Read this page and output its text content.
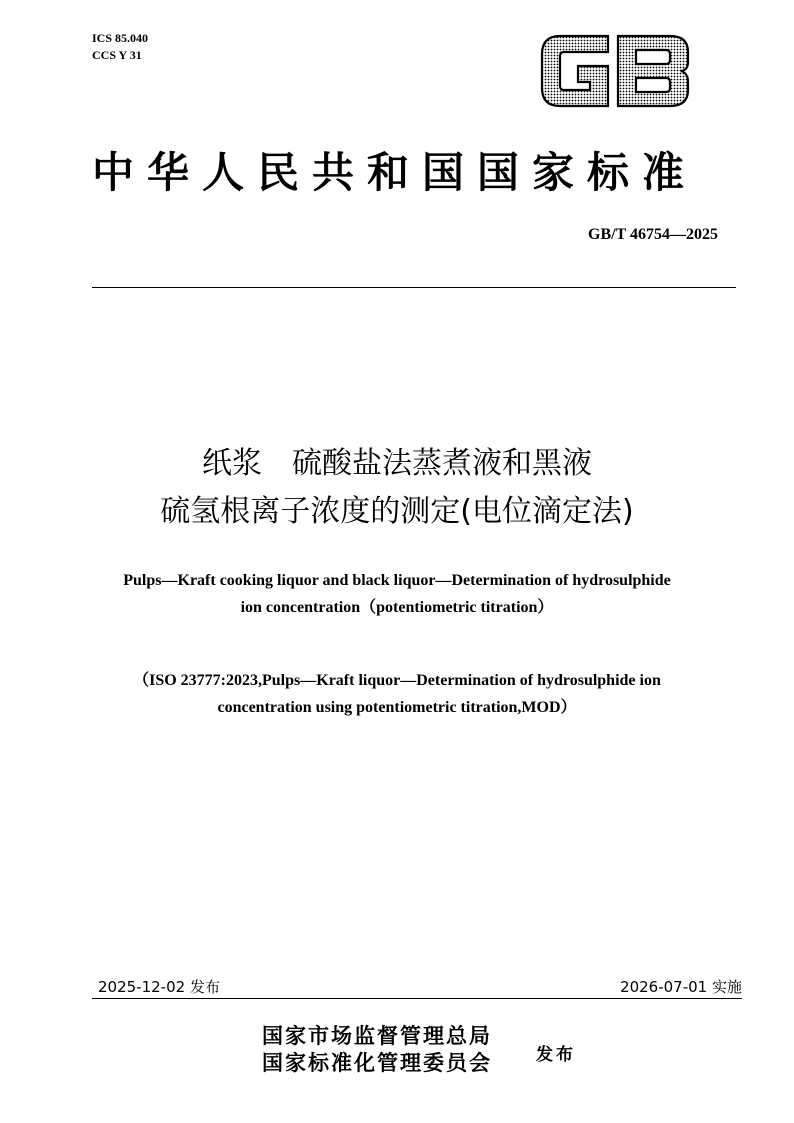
ICS 85.040
CCS Y 31
中华人民共和国国家标准
GB/T 46754—2025
纸浆　硫酸盐法蒸煮液和黑液
硫氢根离子浓度的测定(电位滴定法)
Pulps—Kraft cooking liquor and black liquor—Determination of hydrosulphide
ion concentration（potentiometric titration）
（ISO 23777:2023,Pulps—Kraft liquor—Determination of hydrosulphide ion
concentration using potentiometric titration,MOD）
2025-12-02 发布	2026-07-01 实施
国家市场监督管理总局
国家标准化管理委员会	发布
